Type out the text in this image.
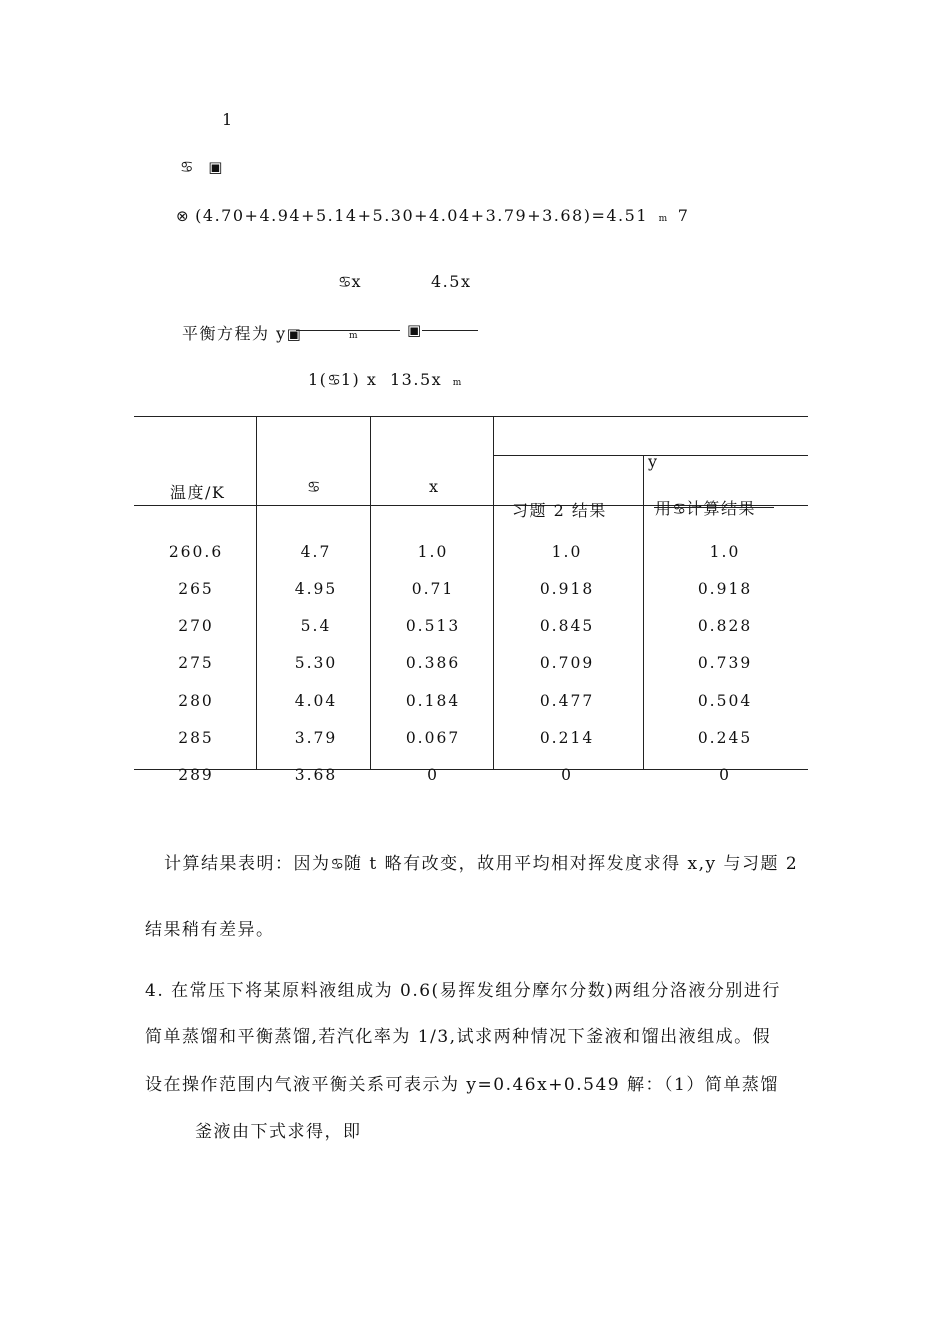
1
♋ ▣
⊗ (4.70+4.94+5.14+5.30+4.04+3.79+3.68)=4.51 m 7
♋x	4.5x
平衡方程为 y▣	m	▣
1(♋1) x 13.5x m
温度/K	♋	x
y
习题 2 结果	用♋计算结果
260.6	4.7	1.0	1.0	1.0
265	4.95	0.71	0.918	0.918
270	5.4	0.513	0.845	0.828
275	5.30	0.386	0.709	0.739
280	4.04	0.184	0.477	0.504
285	3.79	0.067	0.214	0.245
289	3.68	0	0	0
计算结果表明：因为♋随 t 略有改变，故用平均相对挥发度求得 x,y 与习题 2
结果稍有差异。
4. 在常压下将某原料液组成为 0.6(易挥发组分摩尔分数)两组分洛液分别进行
简单蒸馏和平衡蒸馏,若汽化率为 1/3,试求两种情况下釜液和馏出液组成。假
设在操作范围内气液平衡关系可表示为 y=0.46x+0.549 解：（1）简单蒸馏
釜液由下式求得，即
